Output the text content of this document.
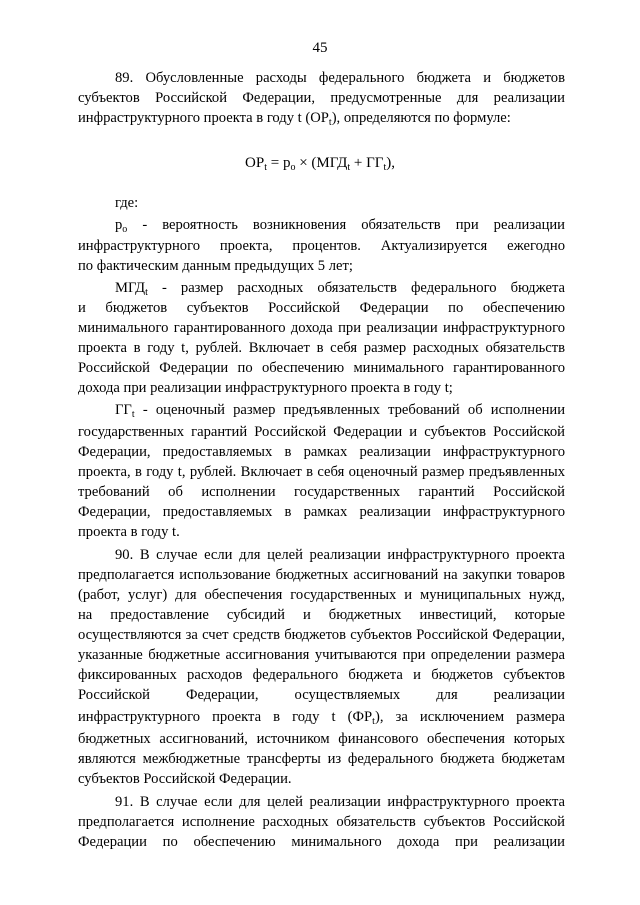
45
89. Обусловленные расходы федерального бюджета и бюджетов
субъектов Российской Федерации, предусмотренные для реализации
инфраструктурного проекта в году t $(ОР_t)$, определяются по формуле:
$ОР_t = p_o \times (МГД_t + ГГ_t)$,
где:
$p_o$ - вероятность возникновения обязательств при реализации
инфраструктурного проекта, процентов. Актуализируется ежегодно
по фактическим данным предыдущих 5 лет;
$МГД_t$ - размер расходных обязательств федерального бюджета
и бюджетов субъектов Российской Федерации по обеспечению
минимального гарантированного дохода при реализации инфраструктурного
проекта в году t, рублей. Включает в себя размер расходных обязательств
Российской Федерации по обеспечению минимального гарантированного
дохода при реализации инфраструктурного проекта в году t;
$ГГ_t$ - оценочный размер предъявленных требований об исполнении
государственных гарантий Российской Федерации и субъектов Российской
Федерации, предоставляемых в рамках реализации инфраструктурного
проекта, в году t, рублей. Включает в себя оценочный размер предъявленных
требований об исполнении государственных гарантий Российской
Федерации, предоставляемых в рамках реализации инфраструктурного
проекта в году t.
90. В случае если для целей реализации инфраструктурного проекта
предполагается использование бюджетных ассигнований на закупки товаров
(работ, услуг) для обеспечения государственных и муниципальных нужд,
на предоставление субсидий и бюджетных инвестиций, которые
осуществляются за счет средств бюджетов субъектов Российской Федерации,
указанные бюджетные ассигнования учитываются при определении размера
фиксированных расходов федерального бюджета и бюджетов субъектов
Российской Федерации, осуществляемых для реализации
инфраструктурного проекта в году t $(ФР_t)$, за исключением размера
бюджетных ассигнований, источником финансового обеспечения которых
являются межбюджетные трансферты из федерального бюджета бюджетам
субъектов Российской Федерации.
91. В случае если для целей реализации инфраструктурного проекта
предполагается исполнение расходных обязательств субъектов Российской
Федерации по обеспечению минимального дохода при реализации
